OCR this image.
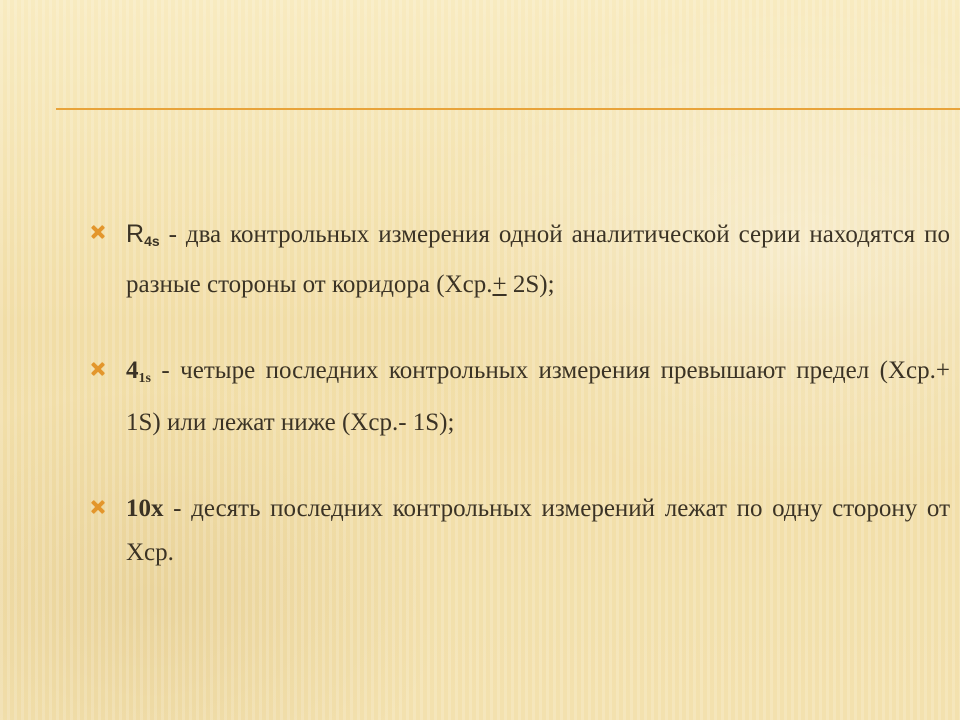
$R_{4s}$ - два контрольных измерения одной аналитической серии находятся по разные стороны от коридора (Хср.+ 2S);
$4_{1s}$ - четыре последних контрольных измерения превышают предел (Хср.+ 1S) или лежат ниже (Хср.- 1S);
10х - десять последних контрольных измерений лежат по одну сторону от Хср.
